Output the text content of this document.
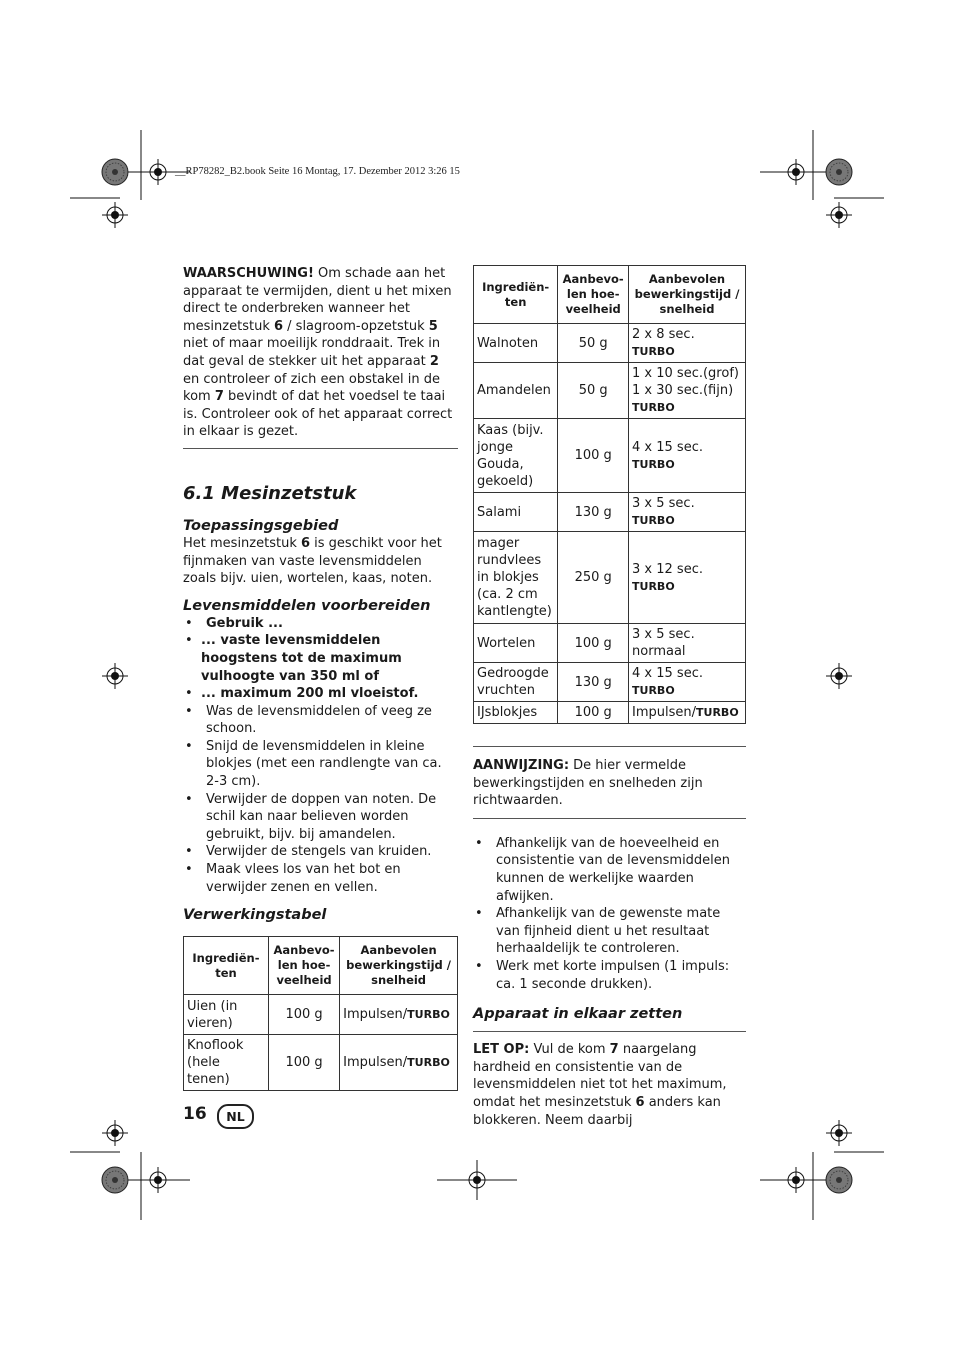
__RP78282_B2.book Seite 16 Montag, 17. Dezember 2012 3:26 15

WAARSCHUWING! Om schade aan het apparaat te vermijden, dient u het mixen direct te onderbreken wanneer het mesinzetstuk 6 / slagroom-opzetstuk 5 niet of maar moeilijk ronddraait. Trek in dat geval de stekker uit het apparaat 2 en controleer of zich een obstakel in de kom 7 bevindt of dat het voedsel te taai is. Controleer ook of het apparaat correct in elkaar is gezet.

6.1 Mesinzetstuk
Toepassingsgebied

Het mesinzetstuk 6 is geschikt voor het fijnmaken van vaste levensmiddelen zoals bijv. uien, wortelen, kaas, noten.

Levensmiddelen voorbereiden
• Gebruik ...
• ... vaste levensmiddelen hoogstens tot de maximum vulhoogte van 350 ml of
• ... maximum 200 ml vloeistof.
• Was de levensmiddelen of veeg ze schoon.
• Snijd de levensmiddelen in kleine blokjes (met een randlengte van ca. 2-3 cm).
• Verwijder de doppen van noten. De schil kan naar believen worden gebruikt, bijv. bij amandelen.
• Verwijder de stengels van kruiden.
• Maak vlees los van het bot en verwijder zenen en vellen.
Verwerkingstabel
Ingrediën-ten	Aanbevo-len hoe-veelheid	Aanbevolen bewerkingstijd / snelheid
Uien (in vieren)	100 g	Impulsen/TURBO
Knoflook (hele tenen)	100 g	Impulsen/TURBO
Ingrediën-ten	Aanbevo-len hoe-veelheid	Aanbevolen bewerkingstijd / snelheid
Walnoten	50 g	2 x 8 sec.
TURBO
Amandelen	50 g	1 x 10 sec.(grof)
1 x 30 sec.(fijn)
TURBO
Kaas (bijv. jonge Gouda, gekoeld)	100 g	4 x 15 sec.
TURBO
Salami	130 g	3 x 5 sec.
TURBO
mager rundvlees in blokjes (ca. 2 cm kantlengte)	250 g	3 x 12 sec.
TURBO
Wortelen	100 g	3 x 5 sec.
normaal
Gedroogde vruchten	130 g	4 x 15 sec.
TURBO
IJsblokjes	100 g	Impulsen/TURBO

AANWIJZING: De hier vermelde bewerkingstijden en snelheden zijn richtwaarden.

• Afhankelijk van de hoeveelheid en consistentie van de levensmiddelen kunnen de werkelijke waarden afwijken.
• Afhankelijk van de gewenste mate van fijnheid dient u het resultaat herhaaldelijk te controleren.
• Werk met korte impulsen (1 impuls: ca. 1 seconde drukken).
Apparaat in elkaar zetten

LET OP: Vul de kom 7 naargelang hardheid en consistentie van de levensmiddelen niet tot het maximum, omdat het mesinzetstuk 6 anders kan blokkeren. Neem daarbij

16	NL
